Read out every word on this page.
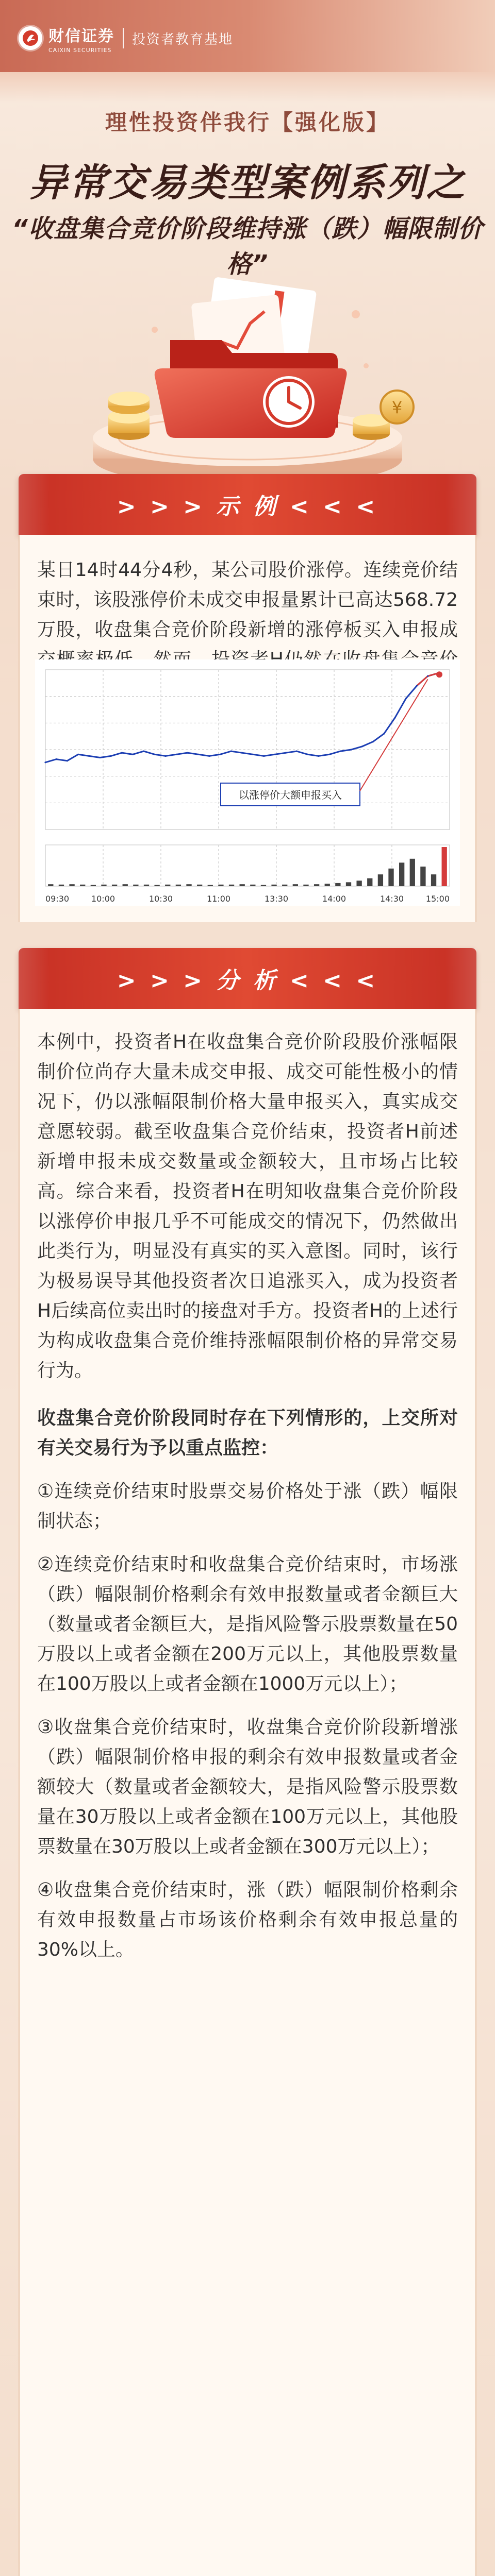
财信证券
CAIXIN SECURITIES
投资者教育基地
理性投资伴我行【强化版】
异常交易类型案例系列之
“收盘集合竞价阶段维持涨（跌）幅限制价格”
¥
> > > 示 例 < < <
某日14时44分4秒，某公司股价涨停。连续竞价结束时，该股涨停价未成交申报量累计已高达568.72万股，收盘集合竞价阶段新增的涨停板买入申报成
09:30	10:00	10:30	11:00	13:30	14:00	14:30	15:00
以涨停价大额申报买入
> > > 分 析 < < <

本例中，投资者H在收盘集合竞价阶段股价涨幅限制价位尚存大量未成交申报、成交可能性极小的情况下，仍以涨幅限制价格大量申报买入，真实成交意愿较弱。截至收盘集合竞价结束，投资者H前述新增申报未成交数量或金额较大，且市场占比较高。综合来看，投资者H在明知收盘集合竞价阶段以涨停价申报几乎不可能成交的情况下，仍然做出此类行为，明显没有真实的买入意图。同时，该行为极易误导其他投资者次日追涨买入，成为投资者H后续高位卖出时的接盘对手方。投资者H的上述行为构成收盘集合竞价维持涨幅限制价格的异常交易行为。

收盘集合竞价阶段同时存在下列情形的，上交所对有关交易行为予以重点监控：

①连续竞价结束时股票交易价格处于涨（跌）幅限制状态；

②连续竞价结束时和收盘集合竞价结束时，市场涨（跌）幅限制价格剩余有效申报数量或者金额巨大（数量或者金额巨大，是指风险警示股票数量在50万股以上或者金额在200万元以上，其他股票数量在100万股以上或者金额在1000万元以上）；

③收盘集合竞价结束时，收盘集合竞价阶段新增涨（跌）幅限制价格申报的剩余有效申报数量或者金额较大（数量或者金额较大，是指风险警示股票数量在30万股以上或者金额在100万元以上，其他股票数量在30万股以上或者金额在300万元以上）；

④收盘集合竞价结束时，涨（跌）幅限制价格剩余有效申报数量占市场该价格剩余有效申报总量的30%以上。
